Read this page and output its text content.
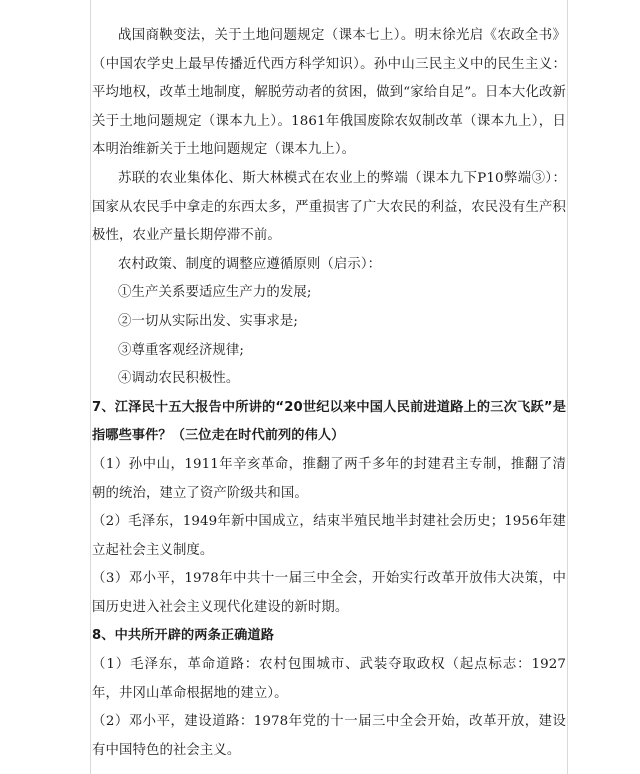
战国商鞅变法，关于土地问题规定（课本七上）。明末徐光启《农政全书》（中国农学史上最早传播近代西方科学知识）。孙中山三民主义中的民生主义：平均地权，改革土地制度，解脱劳动者的贫困，做到“家给自足”。日本大化改新关于土地问题规定（课本九上）。1861年俄国废除农奴制改革（课本九上），日本明治维新关于土地问题规定（课本九上）。

苏联的农业集体化、斯大林模式在农业上的弊端（课本九下P10弊端③）：国家从农民手中拿走的东西太多，严重损害了广大农民的利益，农民没有生产积极性，农业产量长期停滞不前。

农村政策、制度的调整应遵循原则（启示）：

①生产关系要适应生产力的发展;

②一切从实际出发、实事求是;

③尊重客观经济规律;

④调动农民积极性。

7、江泽民十五大报告中所讲的“20世纪以来中国人民前进道路上的三次飞跃”是指哪些事件？（三位走在时代前列的伟人）

（1）孙中山，1911年辛亥革命，推翻了两千多年的封建君主专制，推翻了清朝的统治，建立了资产阶级共和国。

（2）毛泽东，1949年新中国成立，结束半殖民地半封建社会历史；1956年建立起社会主义制度。

（3）邓小平，1978年中共十一届三中全会，开始实行改革开放伟大决策，中国历史进入社会主义现代化建设的新时期。

8、中共所开辟的两条正确道路

（1）毛泽东，革命道路：农村包围城市、武装夺取政权（起点标志：1927年，井冈山革命根据地的建立）。

（2）邓小平，建设道路：1978年党的十一届三中全会开始，改革开放，建设有中国特色的社会主义。
